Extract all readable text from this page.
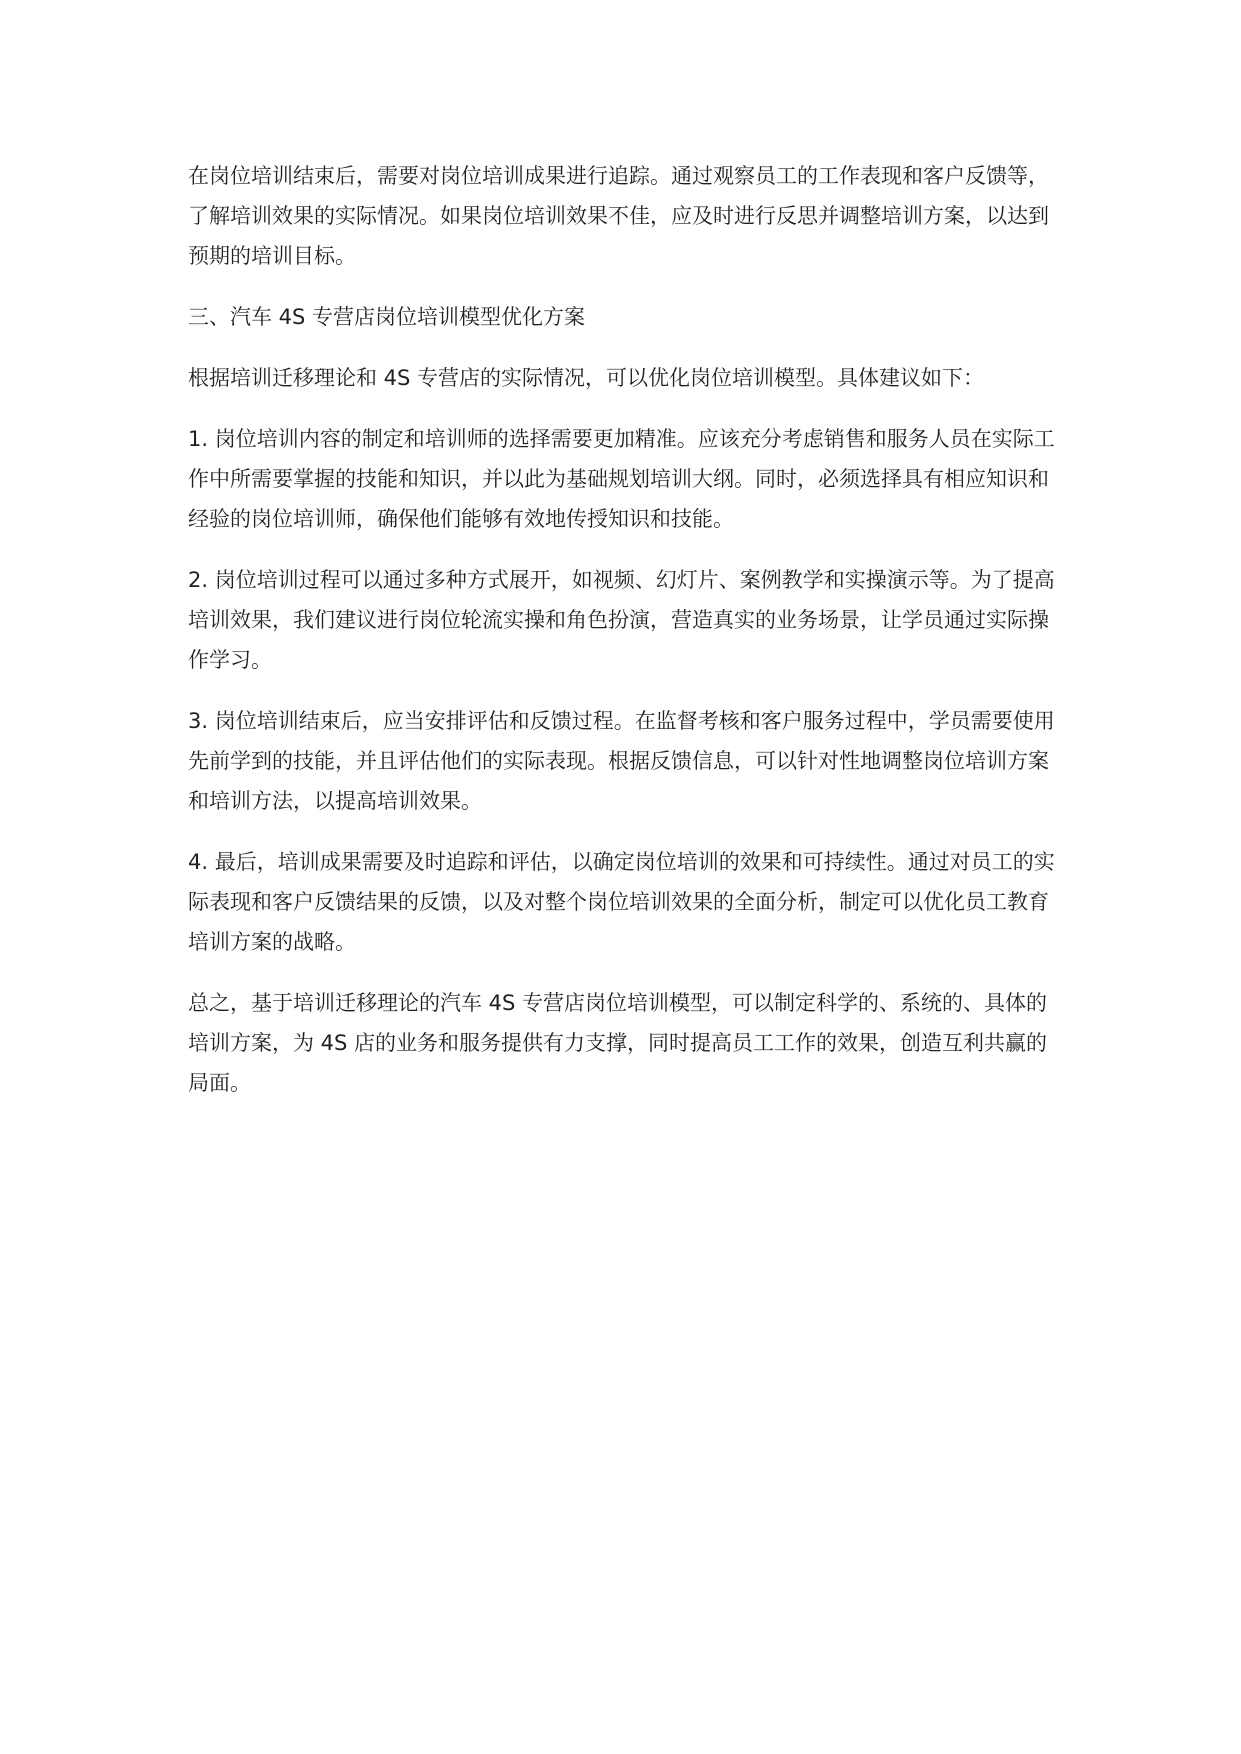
在岗位培训结束后，需要对岗位培训成果进行追踪。通过观察员工的工作表现和客户反馈等，了解培训效果的实际情况。如果岗位培训效果不佳，应及时进行反思并调整培训方案，以达到预期的培训目标。

三、汽车 4S 专营店岗位培训模型优化方案

根据培训迁移理论和 4S 专营店的实际情况，可以优化岗位培训模型。具体建议如下：

1. 岗位培训内容的制定和培训师的选择需要更加精准。应该充分考虑销售和服务人员在实际工作中所需要掌握的技能和知识，并以此为基础规划培训大纲。同时，必须选择具有相应知识和经验的岗位培训师，确保他们能够有效地传授知识和技能。

2. 岗位培训过程可以通过多种方式展开，如视频、幻灯片、案例教学和实操演示等。为了提高培训效果，我们建议进行岗位轮流实操和角色扮演，营造真实的业务场景，让学员通过实际操作学习。

3. 岗位培训结束后，应当安排评估和反馈过程。在监督考核和客户服务过程中，学员需要使用先前学到的技能，并且评估他们的实际表现。根据反馈信息，可以针对性地调整岗位培训方案和培训方法，以提高培训效果。

4. 最后，培训成果需要及时追踪和评估，以确定岗位培训的效果和可持续性。通过对员工的实际表现和客户反馈结果的反馈，以及对整个岗位培训效果的全面分析，制定可以优化员工教育培训方案的战略。

总之，基于培训迁移理论的汽车 4S 专营店岗位培训模型，可以制定科学的、系统的、具体的培训方案，为 4S 店的业务和服务提供有力支撑，同时提高员工工作的效果，创造互利共赢的局面。
